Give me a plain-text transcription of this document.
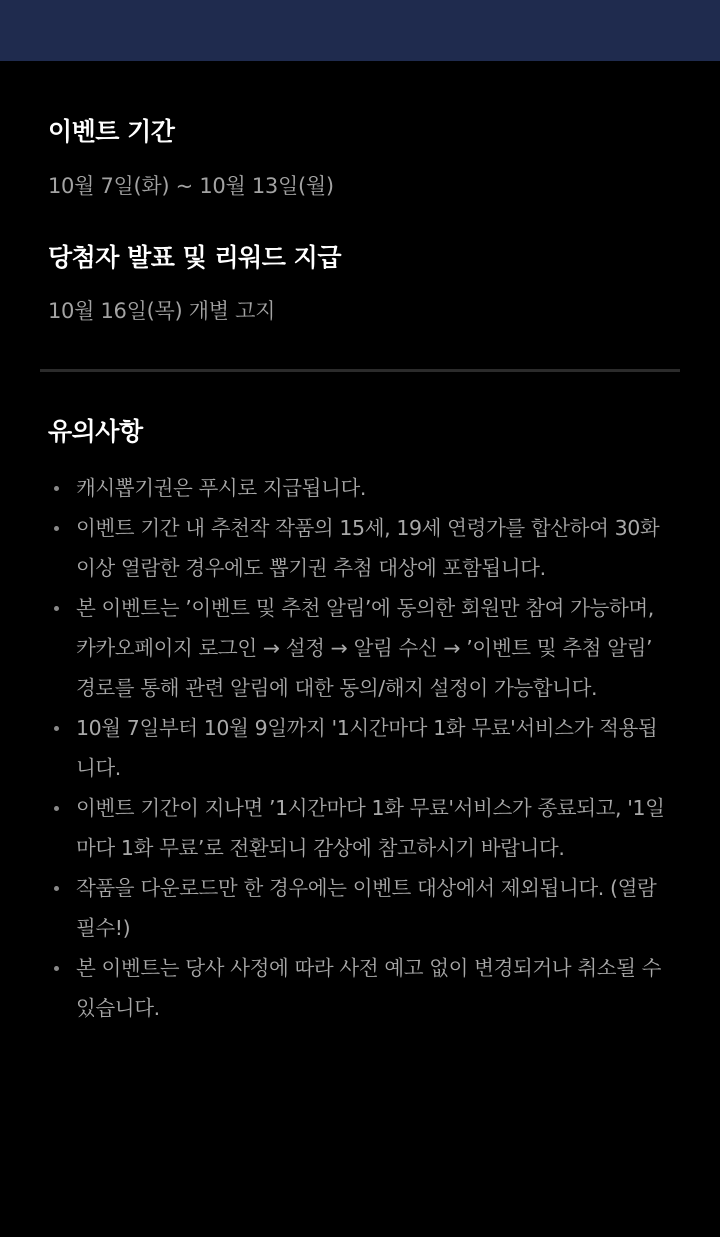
이벤트 기간

10월 7일(화) ~ 10월 13일(월)

당첨자 발표 및 리워드 지급

10월 16일(목) 개별 고지

유의사항
캐시뽑기권은 푸시로 지급됩니다.
이벤트 기간 내 추천작 작품의 15세, 19세 연령가를 합산하여 30화 이상 열람한 경우에도 뽑기권 추첨 대상에 포함됩니다.
본 이벤트는 ’이벤트 및 추천 알림’에 동의한 회원만 참여 가능하며, 카카오페이지 로그인 → 설정 → 알림 수신 → ’이벤트 및 추첨 알림’ 경로를 통해 관련 알림에 대한 동의/해지 설정이 가능합니다.
10월 7일부터 10월 9일까지 '1시간마다 1화 무료'서비스가 적용됩니다.
이벤트 기간이 지나면 ’1시간마다 1화 무료'서비스가 종료되고, '1일마다 1화 무료’로 전환되니 감상에 참고하시기 바랍니다.
작품을 다운로드만 한 경우에는 이벤트 대상에서 제외됩니다. (열람 필수!)
본 이벤트는 당사 사정에 따라 사전 예고 없이 변경되거나 취소될 수 있습니다.
